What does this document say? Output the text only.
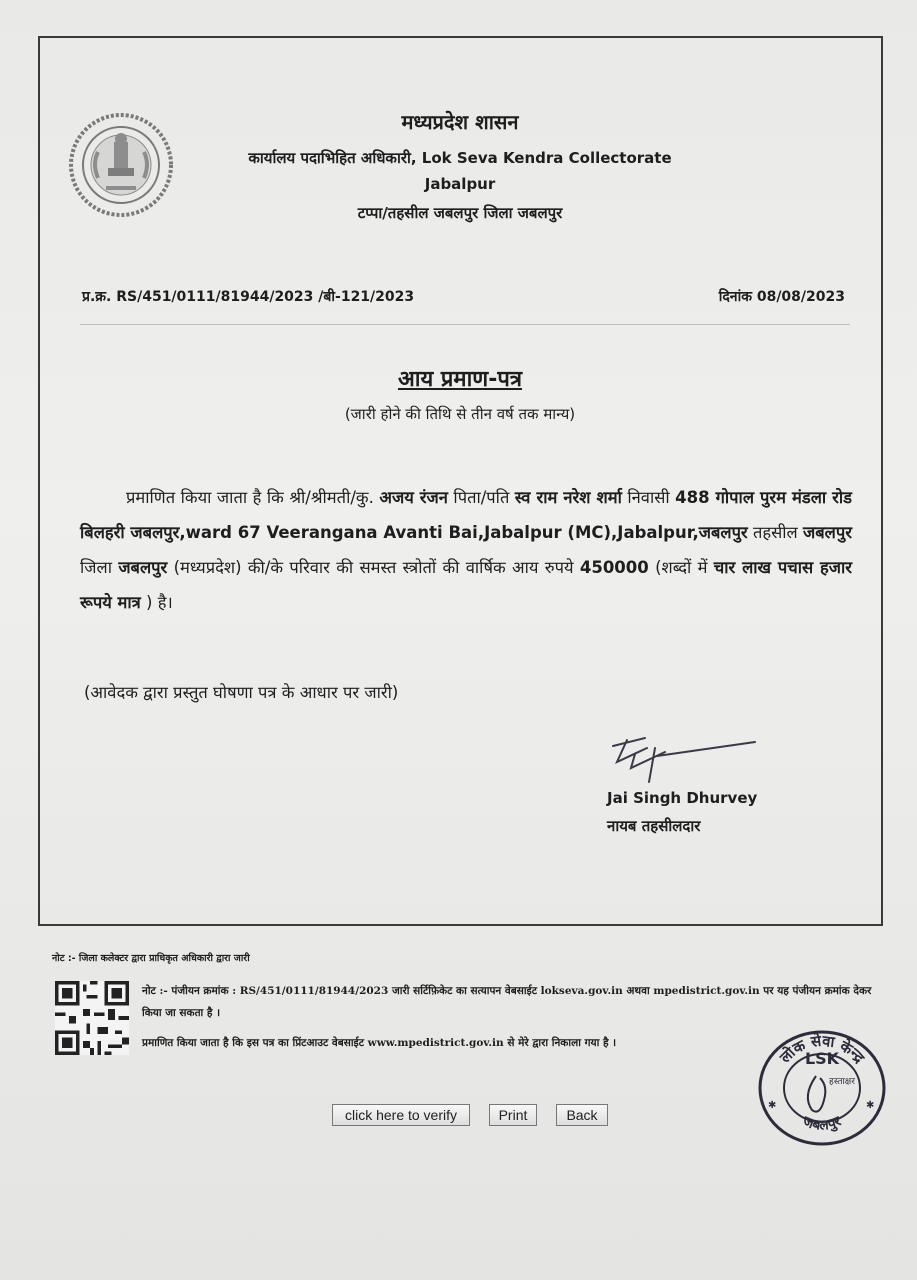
मध्यप्रदेश शासन
कार्यालय पदाभिहित अधिकारी, Lok Seva Kendra Collectorate
Jabalpur
टप्पा/तहसील जबलपुर जिला जबलपुर
प्र.क्र. RS/451/0111/81944/2023 /बी-121/2023	दिनांक 08/08/2023
आय प्रमाण-पत्र
(जारी होने की तिथि से तीन वर्ष तक मान्य)
प्रमाणित किया जाता है कि श्री/श्रीमती/कु. अजय रंजन पिता/पति स्व राम नरेश शर्मा निवासी 488 गोपाल पुरम मंडला रोड बिलहरी जबलपुर,ward 67 Veerangana Avanti Bai,Jabalpur (MC),Jabalpur,जबलपुर तहसील जबलपुर जिला जबलपुर (मध्यप्रदेश) की/के परिवार की समस्त स्त्रोतों की वार्षिक आय रुपये 450000 (शब्दों में चार लाख पचास हजार रूपये मात्र ) है।
(आवेदक द्वारा प्रस्तुत घोषणा पत्र के आधार पर जारी)
Jai Singh Dhurvey
नायब तहसीलदार
नोट :- जिला कलेक्टर द्वारा प्राधिकृत अधिकारी द्वारा जारी
नोट :- पंजीयन क्रमांक : RS/451/0111/81944/2023 जारी सर्टिफ़िकेट का सत्यापन वेबसाईट lokseva.gov.in अथवा mpedistrict.gov.in पर यह पंजीयन क्रमांक देकर किया जा सकता है ।
प्रमाणित किया जाता है कि इस पत्र का प्रिंटआउट वेबसाईट www.mpedistrict.gov.in से मेरे द्वारा निकाला गया है ।
click here to verify	Print	Back
लोक सेवा केन्द्र
जबलपुर
LSK
हस्ताक्षर
✱	✱
